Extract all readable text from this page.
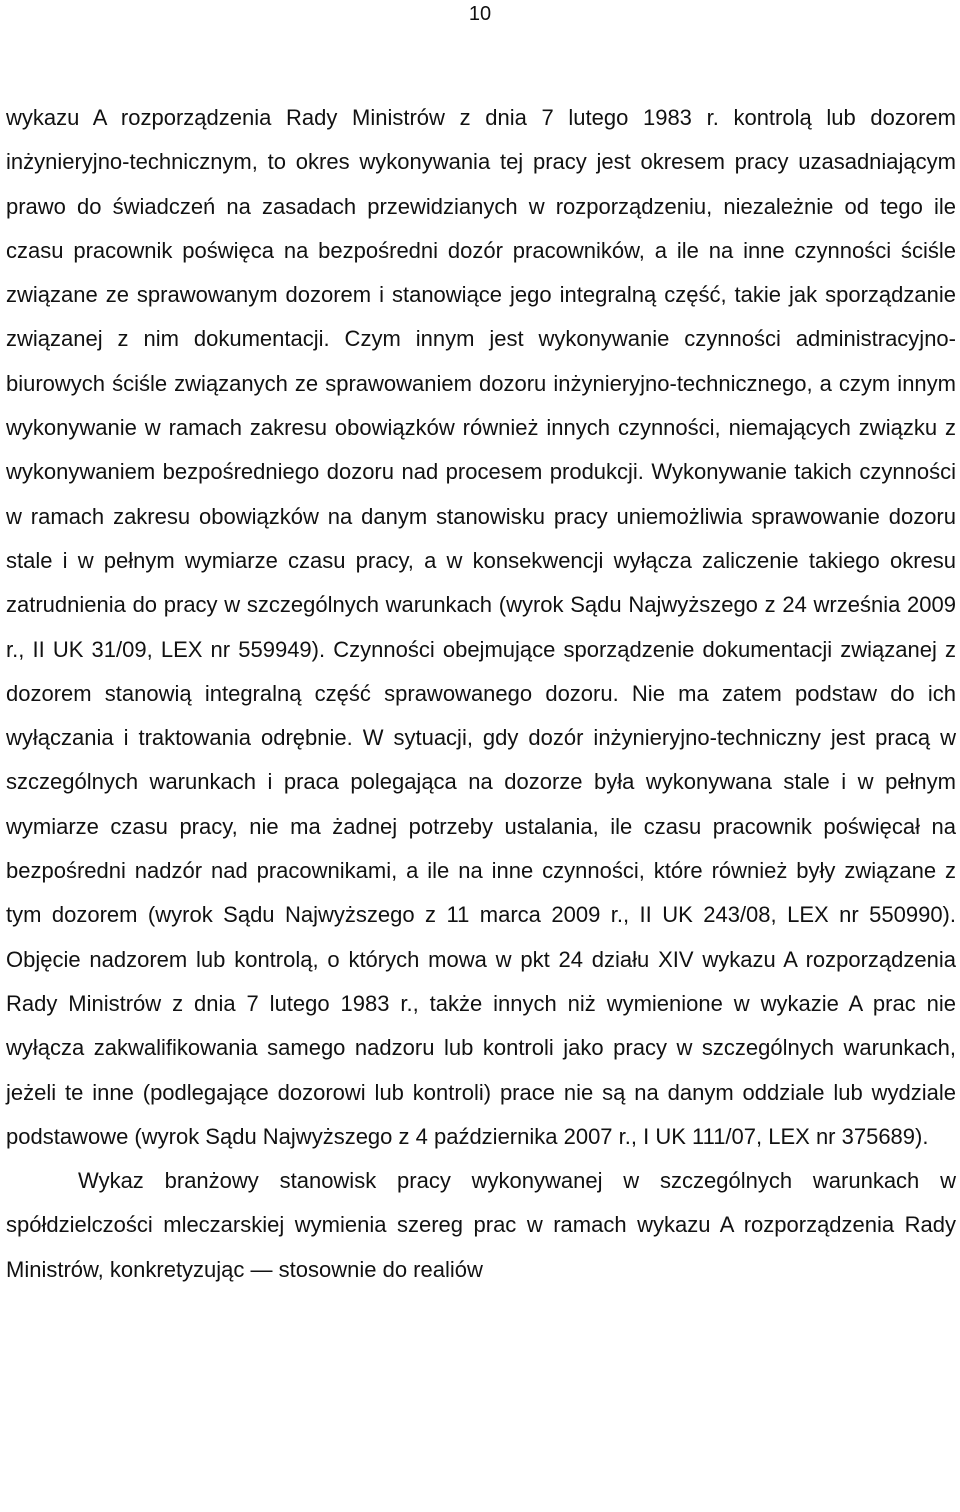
10

wykazu A rozporządzenia Rady Ministrów z dnia 7 lutego 1983 r. kontrolą lub dozorem inżynieryjno-technicznym, to okres wykonywania tej pracy jest okresem pracy uzasadniającym prawo do świadczeń na zasadach przewidzianych w rozporządzeniu, niezależnie od tego ile czasu pracownik poświęca na bezpośredni dozór pracowników, a ile na inne czynności ściśle związane ze sprawowanym dozorem i stanowiące jego integralną część, takie jak sporządzanie związanej z nim dokumentacji. Czym innym jest wykonywanie czynności administracyjno-biurowych ściśle związanych ze sprawowaniem dozoru inżynieryjno-technicznego, a czym innym wykonywanie w ramach zakresu obowiązków również innych czynności, niemających związku z wykonywaniem bezpośredniego dozoru nad procesem produkcji. Wykonywanie takich czynności w ramach zakresu obowiązków na danym stanowisku pracy uniemożliwia sprawowanie dozoru stale i w pełnym wymiarze czasu pracy, a w konsekwencji wyłącza zaliczenie takiego okresu zatrudnienia do pracy w szczególnych warunkach (wyrok Sądu Najwyższego z 24 września 2009 r., II UK 31/09, LEX nr 559949). Czynności obejmujące sporządzenie dokumentacji związanej z dozorem stanowią integralną część sprawowanego dozoru. Nie ma zatem podstaw do ich wyłączania i traktowania odrębnie. W sytuacji, gdy dozór inżynieryjno-techniczny jest pracą w szczególnych warunkach i praca polegająca na dozorze była wykonywana stale i w pełnym wymiarze czasu pracy, nie ma żadnej potrzeby ustalania, ile czasu pracownik poświęcał na bezpośredni nadzór nad pracownikami, a ile na inne czynności, które również były związane z tym dozorem (wyrok Sądu Najwyższego z 11 marca 2009 r., II UK 243/08, LEX nr 550990). Objęcie nadzorem lub kontrolą, o których mowa w pkt 24 działu XIV wykazu A rozporządzenia Rady Ministrów z dnia 7 lutego 1983 r., także innych niż wymienione w wykazie A prac nie wyłącza zakwalifikowania samego nadzoru lub kontroli jako pracy w szczególnych warunkach, jeżeli te inne (podlegające dozorowi lub kontroli) prace nie są na danym oddziale lub wydziale podstawowe (wyrok Sądu Najwyższego z 4 października 2007 r., I UK 111/07, LEX nr 375689).

Wykaz branżowy stanowisk pracy wykonywanej w szczególnych warunkach w spółdzielczości mleczarskiej wymienia szereg prac w ramach wykazu A rozporządzenia Rady Ministrów, konkretyzując — stosownie do realiów
